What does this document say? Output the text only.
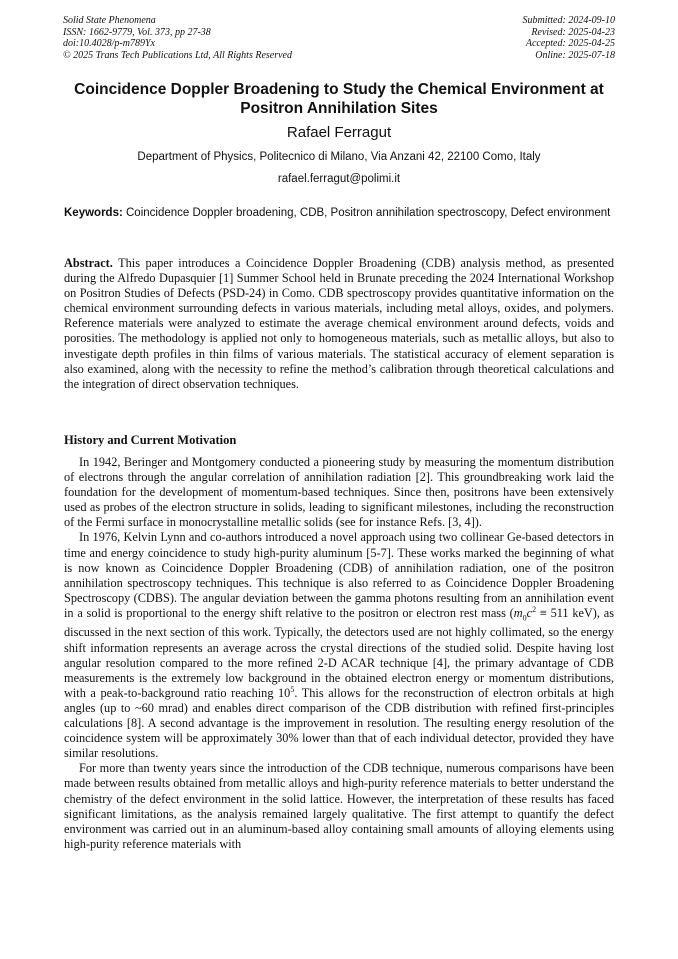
Solid State Phenomena
ISSN: 1662-9779, Vol. 373, pp 27-38
doi:10.4028/p-m789Yx
© 2025 Trans Tech Publications Ltd, All Rights Reserved
Submitted: 2024-09-10
Revised: 2025-04-23
Accepted: 2025-04-25
Online: 2025-07-18
Coincidence Doppler Broadening to Study the Chemical Environment at Positron Annihilation Sites
Rafael Ferragut
Department of Physics, Politecnico di Milano, Via Anzani 42, 22100 Como, Italy
rafael.ferragut@polimi.it
Keywords: Coincidence Doppler broadening, CDB, Positron annihilation spectroscopy, Defect environment
Abstract. This paper introduces a Coincidence Doppler Broadening (CDB) analysis method, as presented during the Alfredo Dupasquier [1] Summer School held in Brunate preceding the 2024 International Workshop on Positron Studies of Defects (PSD-24) in Como. CDB spectroscopy provides quantitative information on the chemical environment surrounding defects in various materials, including metal alloys, oxides, and polymers. Reference materials were analyzed to estimate the average chemical environment around defects, voids and porosities. The methodology is applied not only to homogeneous materials, such as metallic alloys, but also to investigate depth profiles in thin films of various materials. The statistical accuracy of element separation is also examined, along with the necessity to refine the method’s calibration through theoretical calculations and the integration of direct observation techniques.
History and Current Motivation

In 1942, Beringer and Montgomery conducted a pioneering study by measuring the momentum distribution of electrons through the angular correlation of annihilation radiation [2]. This groundbreaking work laid the foundation for the development of momentum-based techniques. Since then, positrons have been extensively used as probes of the electron structure in solids, leading to significant milestones, including the reconstruction of the Fermi surface in monocrystalline metallic solids (see for instance Refs. [3, 4]).

In 1976, Kelvin Lynn and co-authors introduced a novel approach using two collinear Ge-based detectors in time and energy coincidence to study high-purity aluminum [5-7]. These works marked the beginning of what is now known as Coincidence Doppler Broadening (CDB) of annihilation radiation, one of the positron annihilation spectroscopy techniques. This technique is also referred to as Coincidence Doppler Broadening Spectroscopy (CDBS). The angular deviation between the gamma photons resulting from an annihilation event in a solid is proportional to the energy shift relative to the positron or electron rest mass ($m_0c^2 \equiv 511$ keV), as discussed in the next section of this work. Typically, the detectors used are not highly collimated, so the energy shift information represents an average across the crystal directions of the studied solid. Despite having lost angular resolution compared to the more refined 2-D ACAR technique [4], the primary advantage of CDB measurements is the extremely low background in the obtained electron energy or momentum distributions, with a peak-to-background ratio reaching $10^5$. This allows for the reconstruction of electron orbitals at high angles (up to ~60 mrad) and enables direct comparison of the CDB distribution with refined first-principles calculations [8]. A second advantage is the improvement in resolution. The resulting energy resolution of the coincidence system will be approximately 30% lower than that of each individual detector, provided they have similar resolutions.

For more than twenty years since the introduction of the CDB technique, numerous comparisons have been made between results obtained from metallic alloys and high-purity reference materials to better understand the chemistry of the defect environment in the solid lattice. However, the interpretation of these results has faced significant limitations, as the analysis remained largely qualitative. The first attempt to quantify the defect environment was carried out in an aluminum-based alloy containing small amounts of alloying elements using high-purity reference materials with
